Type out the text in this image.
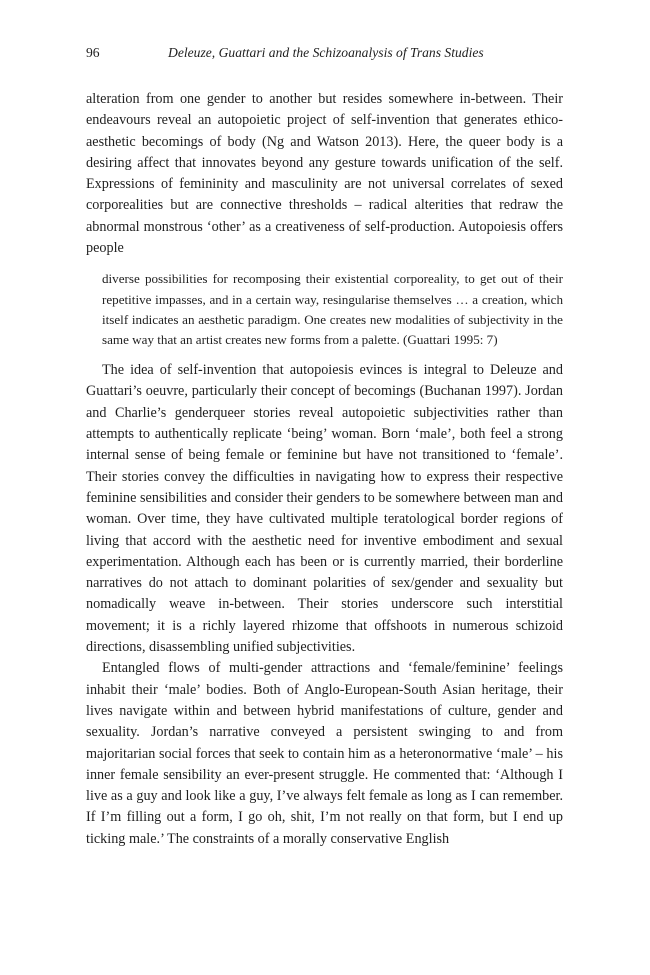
96	Deleuze, Guattari and the Schizoanalysis of Trans Studies

alteration from one gender to another but resides somewhere in-between. Their endeavours reveal an autopoietic project of self-invention that generates ethico-aesthetic becomings of body (Ng and Watson 2013). Here, the queer body is a desiring affect that innovates beyond any gesture towards unification of the self. Expressions of femininity and masculinity are not universal correlates of sexed corporealities but are connective thresholds – radical alterities that redraw the abnormal monstrous ‘other’ as a creativeness of self-production. Autopoiesis offers people

diverse possibilities for recomposing their existential corporeality, to get out of their repetitive impasses, and in a certain way, resingularise themselves … a creation, which itself indicates an aesthetic paradigm. One creates new modalities of subjectivity in the same way that an artist creates new forms from a palette. (Guattari 1995: 7)

The idea of self-invention that autopoiesis evinces is integral to Deleuze and Guattari’s oeuvre, particularly their concept of becomings (Buchanan 1997). Jordan and Charlie’s genderqueer stories reveal autopoietic subjectivities rather than attempts to authentically replicate ‘being’ woman. Born ‘male’, both feel a strong internal sense of being female or feminine but have not transitioned to ‘female’. Their stories convey the difficulties in navigating how to express their respective feminine sensibilities and consider their genders to be somewhere between man and woman. Over time, they have cultivated multiple teratological border regions of living that accord with the aesthetic need for inventive embodiment and sexual experimentation. Although each has been or is currently married, their borderline narratives do not attach to dominant polarities of sex/gender and sexuality but nomadically weave in-between. Their stories underscore such interstitial movement; it is a richly layered rhizome that offshoots in numerous schizoid directions, disassembling unified subjectivities.

Entangled flows of multi-gender attractions and ‘female/feminine’ feelings inhabit their ‘male’ bodies. Both of Anglo-European-South Asian heritage, their lives navigate within and between hybrid manifestations of culture, gender and sexuality. Jordan’s narrative conveyed a persistent swinging to and from majoritarian social forces that seek to contain him as a heteronormative ‘male’ – his inner female sensibility an ever-present struggle. He commented that: ‘Although I live as a guy and look like a guy, I’ve always felt female as long as I can remember. If I’m filling out a form, I go oh, shit, I’m not really on that form, but I end up ticking male.’ The constraints of a morally conservative English
